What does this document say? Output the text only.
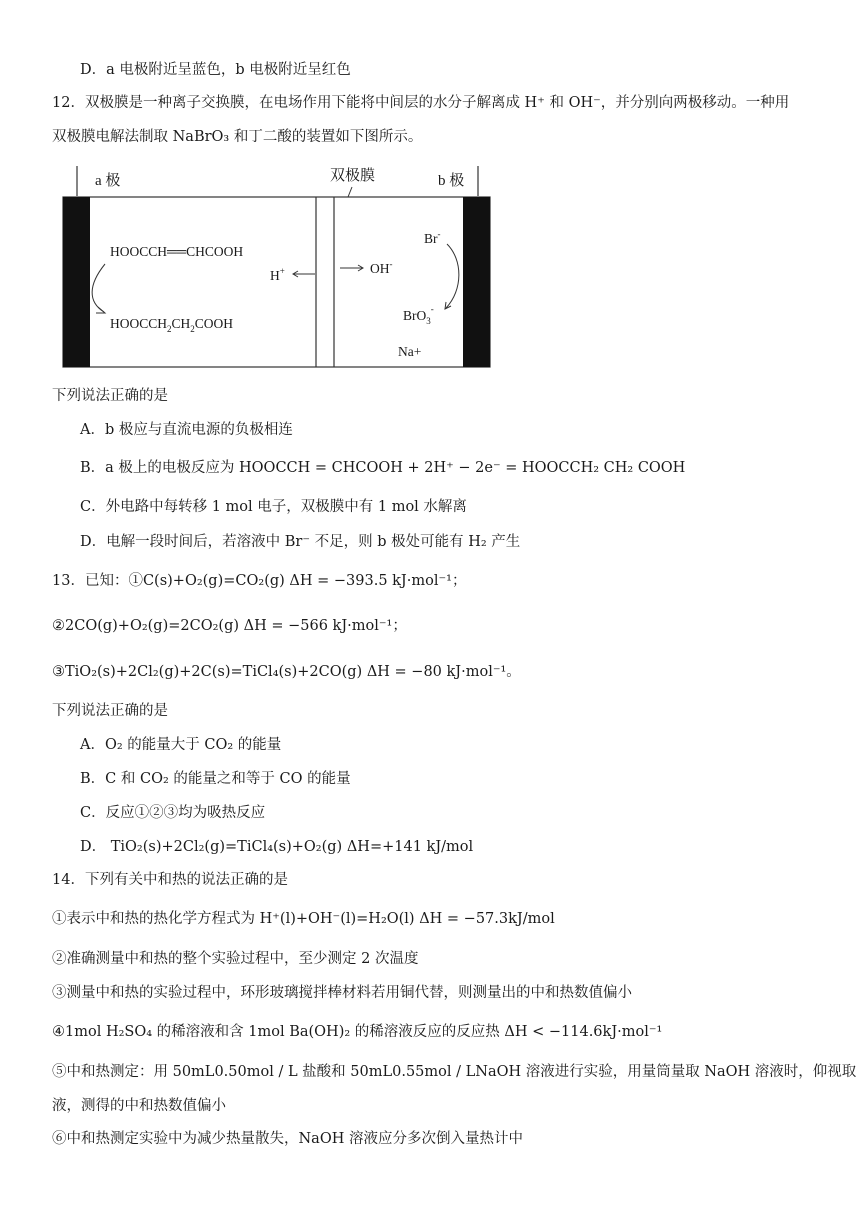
D．a 电极附近呈蓝色，b 电极附近呈红色
12．双极膜是一种离子交换膜，在电场作用下能将中间层的水分子解离成 H⁺ 和 OH⁻，并分别向两极移动。一种用
双极膜电解法制取 NaBrO₃ 和丁二酸的装置如下图所示。
a 极	b 极
双极膜
HOOCCH══CHCOOH
$HOOCCH_2CH_2COOH$
H+	OH-
Br-
BrO$_3$-
Na+
下列说法正确的是
A．b 极应与直流电源的负极相连
B．a 极上的电极反应为 HOOCCH = CHCOOH + 2H⁺ − 2e⁻ = HOOCCH₂ CH₂ COOH
C．外电路中每转移 1 mol 电子，双极膜中有 1 mol 水解离
D．电解一段时间后，若溶液中 Br⁻ 不足，则 b 极处可能有 H₂ 产生
13．已知：①C(s)+O₂(g)=CO₂(g) ΔH = −393.5 kJ·mol⁻¹；
②2CO(g)+O₂(g)=2CO₂(g) ΔH = −566 kJ·mol⁻¹；
③TiO₂(s)+2Cl₂(g)+2C(s)=TiCl₄(s)+2CO(g) ΔH = −80 kJ·mol⁻¹。
下列说法正确的是
A．O₂ 的能量大于 CO₂ 的能量
B．C 和 CO₂ 的能量之和等于 CO 的能量
C．反应①②③均为吸热反应
D． TiO₂(s)+2Cl₂(g)=TiCl₄(s)+O₂(g) ΔH=+141 kJ/mol
14．下列有关中和热的说法正确的是
①表示中和热的热化学方程式为 H⁺(l)+OH⁻(l)=H₂O(l) ΔH = −57.3kJ/mol
②准确测量中和热的整个实验过程中，至少测定 2 次温度
③测量中和热的实验过程中，环形玻璃搅拌棒材料若用铜代替，则测量出的中和热数值偏小
④1mol H₂SO₄ 的稀溶液和含 1mol Ba(OH)₂ 的稀溶液反应的反应热 ΔH < −114.6kJ·mol⁻¹
⑤中和热测定：用 50mL0.50mol / L 盐酸和 50mL0.55mol / LNaOH 溶液进行实验，用量筒量取 NaOH 溶液时，仰视取
液，测得的中和热数值偏小
⑥中和热测定实验中为减少热量散失，NaOH 溶液应分多次倒入量热计中
